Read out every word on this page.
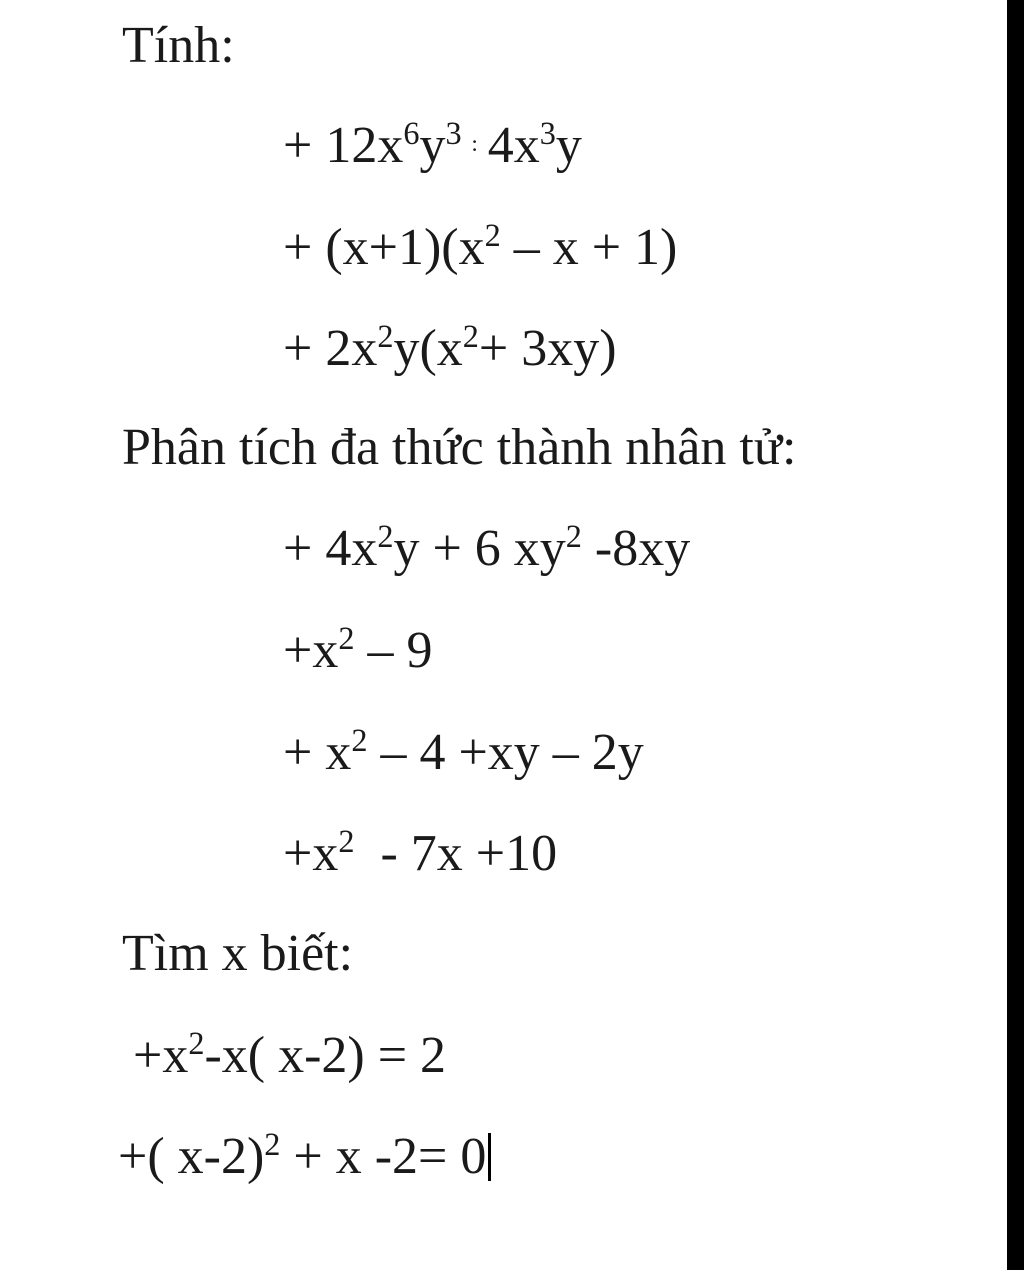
Tính:
+ $12x^6y^3$ : $4x^3y$
+ $(x+1)(x^2 - x + 1)$
+ $2x^2y(x^2+ 3xy)$
Phân tích đa thức thành nhân tử:
+ $4x^2y + 6$ $xy^2$ -8xy
$+x^2 - 9$
+ $x^2 - 4 +xy - 2y$
$+x^2 - 7x +10$
Tìm x biết:
$+x^2-x$( x-2) = 2
+( x-2)$^2$ + x -2= 0
